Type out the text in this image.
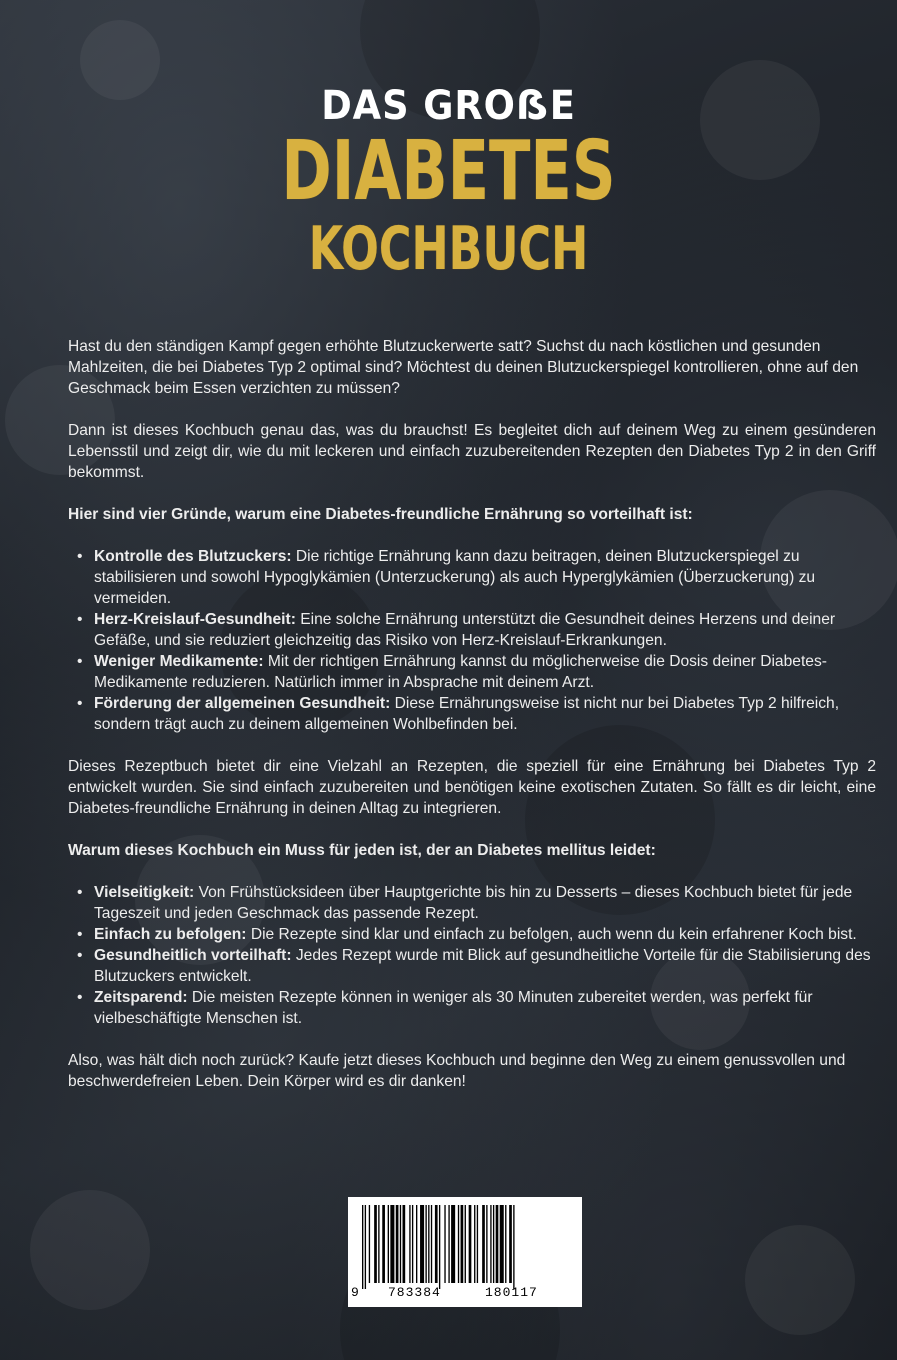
DAS GROẞE
DIABETES
KOCHBUCH

Hast du den ständigen Kampf gegen erhöhte Blutzuckerwerte satt? Suchst du nach köstlichen und gesunden Mahlzeiten, die bei Diabetes Typ 2 optimal sind? Möchtest du deinen Blutzuckerspiegel kontrollieren, ohne auf den Geschmack beim Essen verzichten zu müssen?

Dann ist dieses Kochbuch genau das, was du brauchst! Es begleitet dich auf deinem Weg zu einem gesünderen Lebensstil und zeigt dir, wie du mit leckeren und einfach zuzubereitenden Rezepten den Diabetes Typ 2 in den Griff bekommst.

Hier sind vier Gründe, warum eine Diabetes-freundliche Ernährung so vorteilhaft ist:

• Kontrolle des Blutzuckers: Die richtige Ernährung kann dazu beitragen, deinen Blutzuckerspiegel zu stabilisieren und sowohl Hypoglykämien (Unterzuckerung) als auch Hyperglykämien (Überzuckerung) zu vermeiden.
• Herz-Kreislauf-Gesundheit: Eine solche Ernährung unterstützt die Gesundheit deines Herzens und deiner Gefäße, und sie reduziert gleichzeitig das Risiko von Herz-Kreislauf-Erkrankungen.
• Weniger Medikamente: Mit der richtigen Ernährung kannst du möglicherweise die Dosis deiner Diabetes-Medikamente reduzieren. Natürlich immer in Absprache mit deinem Arzt.
• Förderung der allgemeinen Gesundheit: Diese Ernährungsweise ist nicht nur bei Diabetes Typ 2 hilfreich, sondern trägt auch zu deinem allgemeinen Wohlbefinden bei.

Dieses Rezeptbuch bietet dir eine Vielzahl an Rezepten, die speziell für eine Ernährung bei Diabetes Typ 2 entwickelt wurden. Sie sind einfach zuzubereiten und benötigen keine exotischen Zutaten. So fällt es dir leicht, eine Diabetes-freundliche Ernährung in deinen Alltag zu integrieren.

Warum dieses Kochbuch ein Muss für jeden ist, der an Diabetes mellitus leidet:

• Vielseitigkeit: Von Frühstücksideen über Hauptgerichte bis hin zu Desserts – dieses Kochbuch bietet für jede Tageszeit und jeden Geschmack das passende Rezept.
• Einfach zu befolgen: Die Rezepte sind klar und einfach zu befolgen, auch wenn du kein erfahrener Koch bist.
• Gesundheitlich vorteilhaft: Jedes Rezept wurde mit Blick auf gesundheitliche Vorteile für die Stabilisierung des Blutzuckers entwickelt.
• Zeitsparend: Die meisten Rezepte können in weniger als 30 Minuten zubereitet werden, was perfekt für vielbeschäftigte Menschen ist.

Also, was hält dich noch zurück? Kaufe jetzt dieses Kochbuch und beginne den Weg zu einem genussvollen und beschwerdefreien Leben. Dein Körper wird es dir danken!

9 783384	180117
